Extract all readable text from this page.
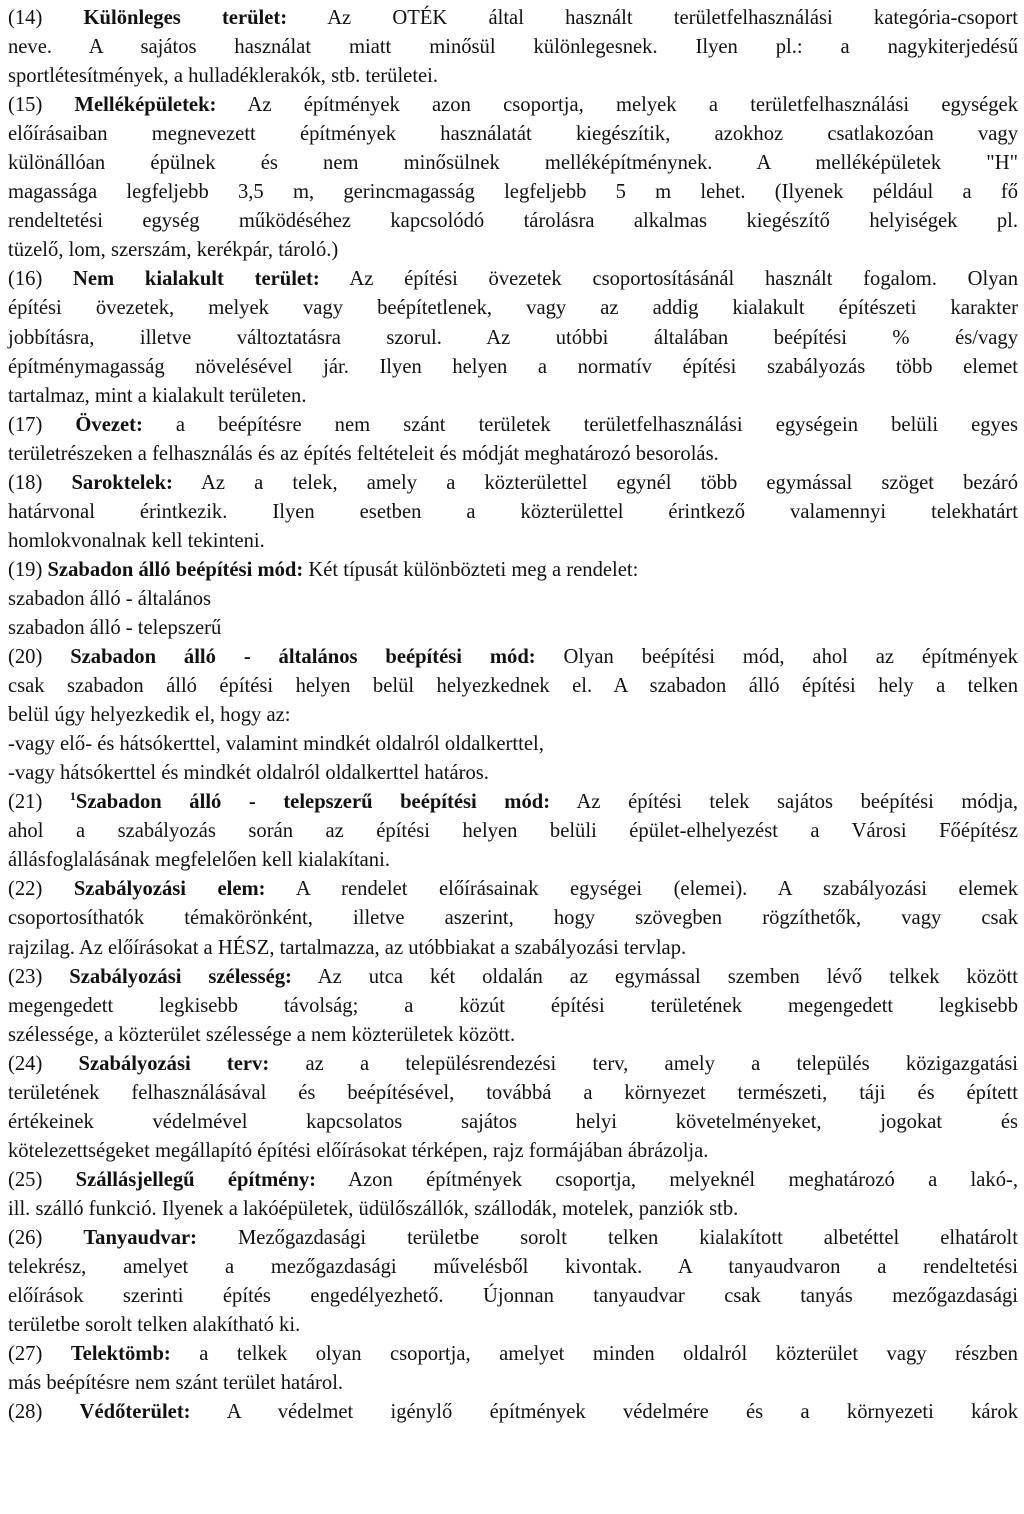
(14) Különleges terület: Az OTÉK által használt területfelhasználási kategória-csoport
neve. A sajátos használat miatt minősül különlegesnek. Ilyen pl.: a nagykiterjedésű
sportlétesítmények, a hulladéklerakók, stb. területei.
(15) Melléképületek: Az építmények azon csoportja, melyek a területfelhasználási egységek
előírásaiban megnevezett építmények használatát kiegészítik, azokhoz csatlakozóan vagy
különállóan épülnek és nem minősülnek melléképítménynek. A melléképületek "H"
magassága legfeljebb 3,5 m, gerincmagasság legfeljebb 5 m lehet. (Ilyenek például a fő
rendeltetési egység működéséhez kapcsolódó tárolásra alkalmas kiegészítő helyiségek pl.
tüzelő, lom, szerszám, kerékpár, tároló.)
(16) Nem kialakult terület: Az építési övezetek csoportosításánál használt fogalom. Olyan
építési övezetek, melyek vagy beépítetlenek, vagy az addig kialakult építészeti karakter
jobbításra, illetve változtatásra szorul. Az utóbbi általában beépítési % és/vagy
építménymagasság növelésével jár. Ilyen helyen a normatív építési szabályozás több elemet
tartalmaz, mint a kialakult területen.
(17) Övezet: a beépítésre nem szánt területek területfelhasználási egységein belüli egyes
területrészeken a felhasználás és az építés feltételeit és módját meghatározó besorolás.
(18) Saroktelek: Az a telek, amely a közterülettel egynél több egymással szöget bezáró
határvonal érintkezik. Ilyen esetben a közterülettel érintkező valamennyi telekhatárt
homlokvonalnak kell tekinteni.
(19) Szabadon álló beépítési mód: Két típusát különbözteti meg a rendelet:
szabadon álló - általános
szabadon álló - telepszerű
(20) Szabadon álló - általános beépítési mód: Olyan beépítési mód, ahol az építmények
csak szabadon álló építési helyen belül helyezkednek el. A szabadon álló építési hely a telken
belül úgy helyezkedik el, hogy az:
-vagy elő- és hátsókerttel, valamint mindkét oldalról oldalkerttel,
-vagy hátsókerttel és mindkét oldalról oldalkerttel határos.
(21) $^1$Szabadon álló - telepszerű beépítési mód: Az építési telek sajátos beépítési módja,
ahol a szabályozás során az építési helyen belüli épület-elhelyezést a Városi Főépítész
állásfoglalásának megfelelően kell kialakítani.
(22) Szabályozási elem: A rendelet előírásainak egységei (elemei). A szabályozási elemek
csoportosíthatók témakörönként, illetve aszerint, hogy szövegben rögzíthetők, vagy csak
rajzilag. Az előírásokat a HÉSZ, tartalmazza, az utóbbiakat a szabályozási tervlap.
(23) Szabályozási szélesség: Az utca két oldalán az egymással szemben lévő telkek között
megengedett legkisebb távolság; a közút építési területének megengedett legkisebb
szélessége, a közterület szélessége a nem közterületek között.
(24) Szabályozási terv: az a településrendezési terv, amely a település közigazgatási
területének felhasználásával és beépítésével, továbbá a környezet természeti, táji és épített
értékeinek védelmével kapcsolatos sajátos helyi követelményeket, jogokat és
kötelezettségeket megállapító építési előírásokat térképen, rajz formájában ábrázolja.
(25) Szállásjellegű építmény: Azon építmények csoportja, melyeknél meghatározó a lakó-,
ill. szálló funkció. Ilyenek a lakóépületek, üdülőszállók, szállodák, motelek, panziók stb.
(26) Tanyaudvar: Mezőgazdasági területbe sorolt telken kialakított albetéttel elhatárolt
telekrész, amelyet a mezőgazdasági művelésből kivontak. A tanyaudvaron a rendeltetési
előírások szerinti építés engedélyezhető. Újonnan tanyaudvar csak tanyás mezőgazdasági
területbe sorolt telken alakítható ki.
(27) Telektömb: a telkek olyan csoportja, amelyet minden oldalról közterület vagy részben
más beépítésre nem szánt terület határol.
(28) Védőterület: A védelmet igénylő építmények védelmére és a környezeti károk
